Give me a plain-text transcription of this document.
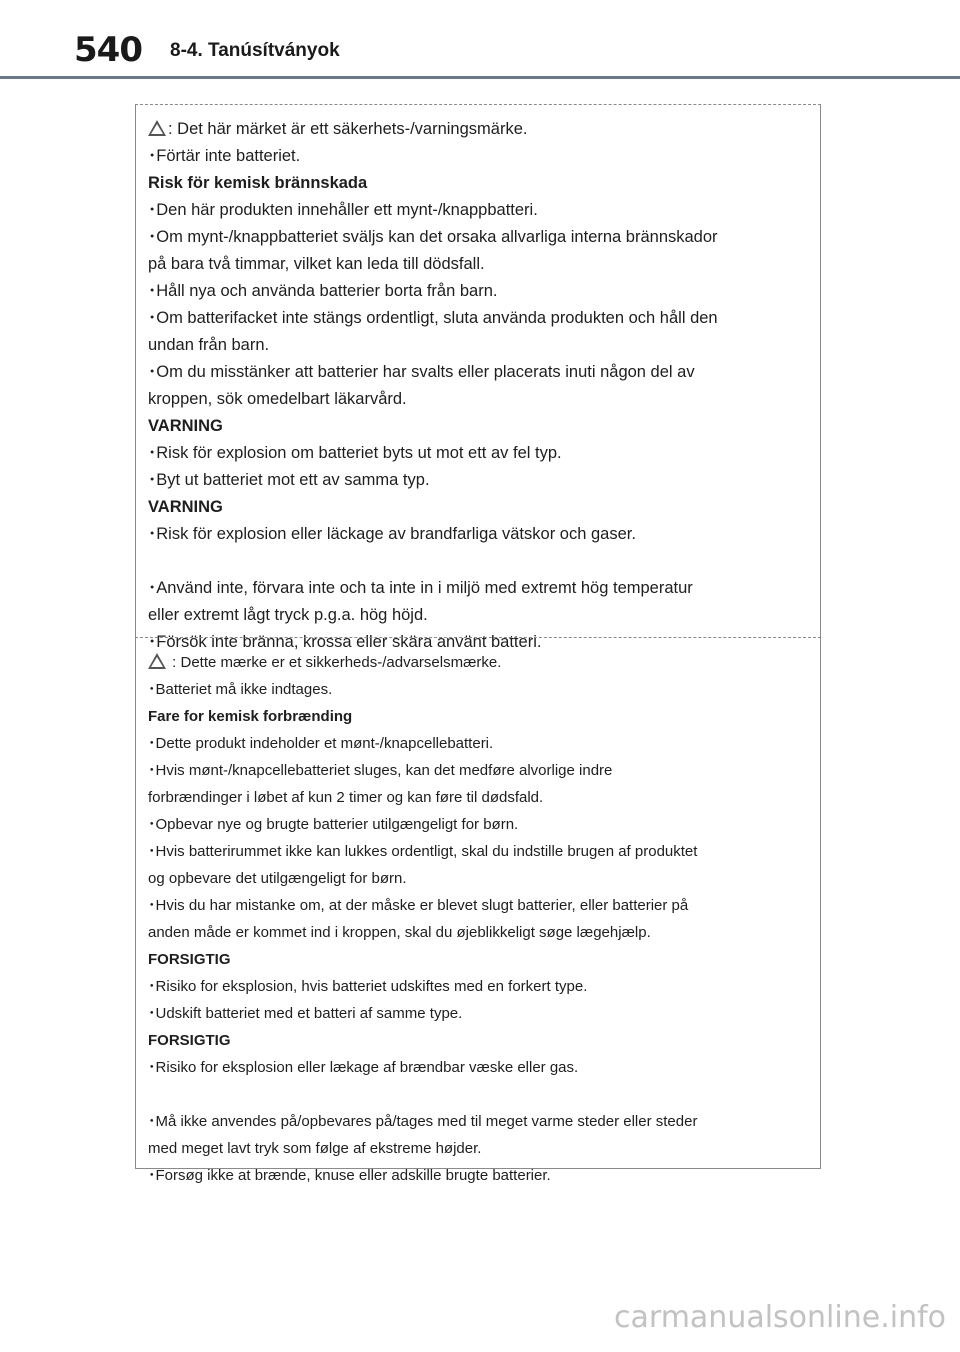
540 8-4. Tanúsítványok
: Det här märket är ett säkerhets-/varningsmärke.
･Förtär inte batteriet.
Risk för kemisk brännskada
･Den här produkten innehåller ett mynt-/knappbatteri.
･Om mynt-/knappbatteriet sväljs kan det orsaka allvarliga interna brännskador
på bara två timmar, vilket kan leda till dödsfall.
･Håll nya och använda batterier borta från barn.
･Om batterifacket inte stängs ordentligt, sluta använda produkten och håll den
undan från barn.
･Om du misstänker att batterier har svalts eller placerats inuti någon del av
kroppen, sök omedelbart läkarvård.
VARNING
･Risk för explosion om batteriet byts ut mot ett av fel typ.
･Byt ut batteriet mot ett av samma typ.
VARNING
･Risk för explosion eller läckage av brandfarliga vätskor och gaser.
･Använd inte, förvara inte och ta inte in i miljö med extremt hög temperatur
eller extremt lågt tryck p.g.a. hög höjd.
･Försök inte bränna, krossa eller skära använt batteri.
: Dette mærke er et sikkerheds-/advarselsmærke.
･Batteriet må ikke indtages.
Fare for kemisk forbrænding
･Dette produkt indeholder et mønt-/knapcellebatteri.
･Hvis mønt-/knapcellebatteriet sluges, kan det medføre alvorlige indre
forbrændinger i løbet af kun 2 timer og kan føre til dødsfald.
･Opbevar nye og brugte batterier utilgængeligt for børn.
･Hvis batterirummet ikke kan lukkes ordentligt, skal du indstille brugen af produktet
og opbevare det utilgængeligt for børn.
･Hvis du har mistanke om, at der måske er blevet slugt batterier, eller batterier på
anden måde er kommet ind i kroppen, skal du øjeblikkeligt søge lægehjælp.
FORSIGTIG
･Risiko for eksplosion, hvis batteriet udskiftes med en forkert type.
･Udskift batteriet med et batteri af samme type.
FORSIGTIG
･Risiko for eksplosion eller lækage af brændbar væske eller gas.
･Må ikke anvendes på/opbevares på/tages med til meget varme steder eller steder
med meget lavt tryk som følge af ekstreme højder.
･Forsøg ikke at brænde, knuse eller adskille brugte batterier.
carmanualsonline.info
